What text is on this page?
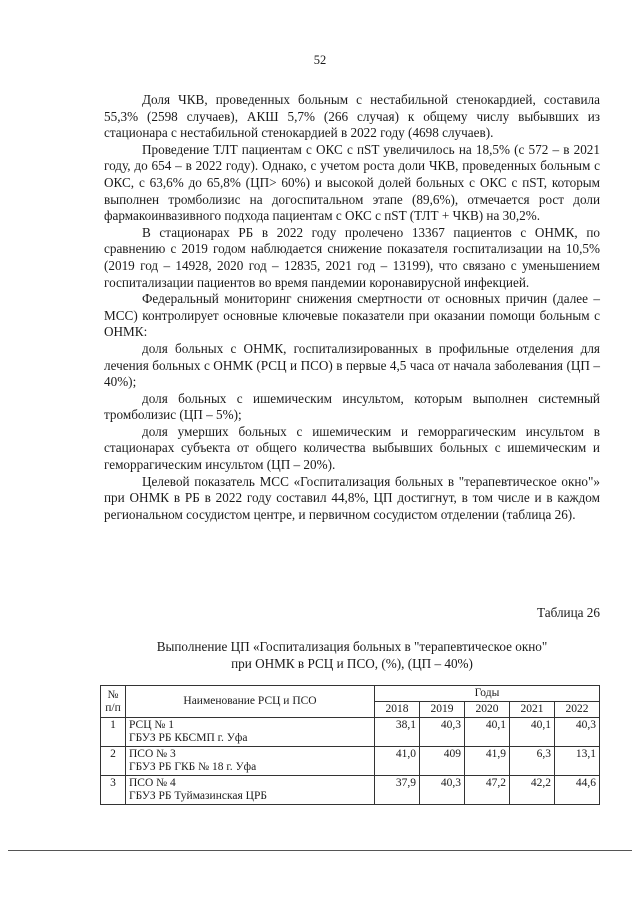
52

Доля ЧКВ, проведенных больным с нестабильной стенокардией, составила 55,3% (2598 случаев), АКШ 5,7% (266 случая) к общему числу выбывших из стационара с нестабильной стенокардией в 2022 году (4698 случаев).

Проведение ТЛТ пациентам с ОКС с пST увеличилось на 18,5% (с 572 – в 2021 году, до 654 – в 2022 году). Однако, с учетом роста доли ЧКВ, проведенных больным с ОКС, с 63,6% до 65,8% (ЦП> 60%) и высокой долей больных с ОКС с пST, которым выполнен тромболизис на догоспитальном этапе (89,6%), отмечается рост доли фармакоинвазивного подхода пациентам с ОКС с пST (ТЛТ + ЧКВ) на 30,2%.

В стационарах РБ в 2022 году пролечено 13367 пациентов с ОНМК, по сравнению с 2019 годом наблюдается снижение показателя госпитализации на 10,5% (2019 год – 14928, 2020 год – 12835, 2021 год – 13199), что связано с уменьшением госпитализации пациентов во время пандемии коронавирусной инфекцией.

Федеральный мониторинг снижения смертности от основных причин (далее – МСС) контролирует основные ключевые показатели при оказании помощи больным с ОНМК:

доля больных с ОНМК, госпитализированных в профильные отделения для лечения больных с ОНМК (РСЦ и ПСО) в первые 4,5 часа от начала заболевания (ЦП – 40%);

доля больных с ишемическим инсультом, которым выполнен системный тромболизис (ЦП – 5%);

доля умерших больных с ишемическим и геморрагическим инсультом в стационарах субъекта от общего количества выбывших больных с ишемическим и геморрагическим инсультом (ЦП – 20%).

Целевой показатель МСС «Госпитализация больных в "терапевтическое окно"» при ОНМК в РБ в 2022 году составил 44,8%, ЦП достигнут, в том числе и в каждом региональном сосудистом центре, и первичном сосудистом отделении (таблица 26).

Таблица 26
Выполнение ЦП «Госпитализация больных в "терапевтическое окно"
при ОНМК в РСЦ и ПСО, (%), (ЦП – 40%)
№ п/п	Наименование РСЦ и ПСО	Годы				
		2018	2019	2020	2021	2022
1	РСЦ № 1
ГБУЗ РБ КБСМП г. Уфа	38,1	40,3	40,1	40,1	40,3
2	ПСО № 3
ГБУЗ РБ ГКБ № 18 г. Уфа	41,0	409	41,9	6,3	13,1
3	ПСО № 4
ГБУЗ РБ Туймазинская ЦРБ	37,9	40,3	47,2	42,2	44,6
